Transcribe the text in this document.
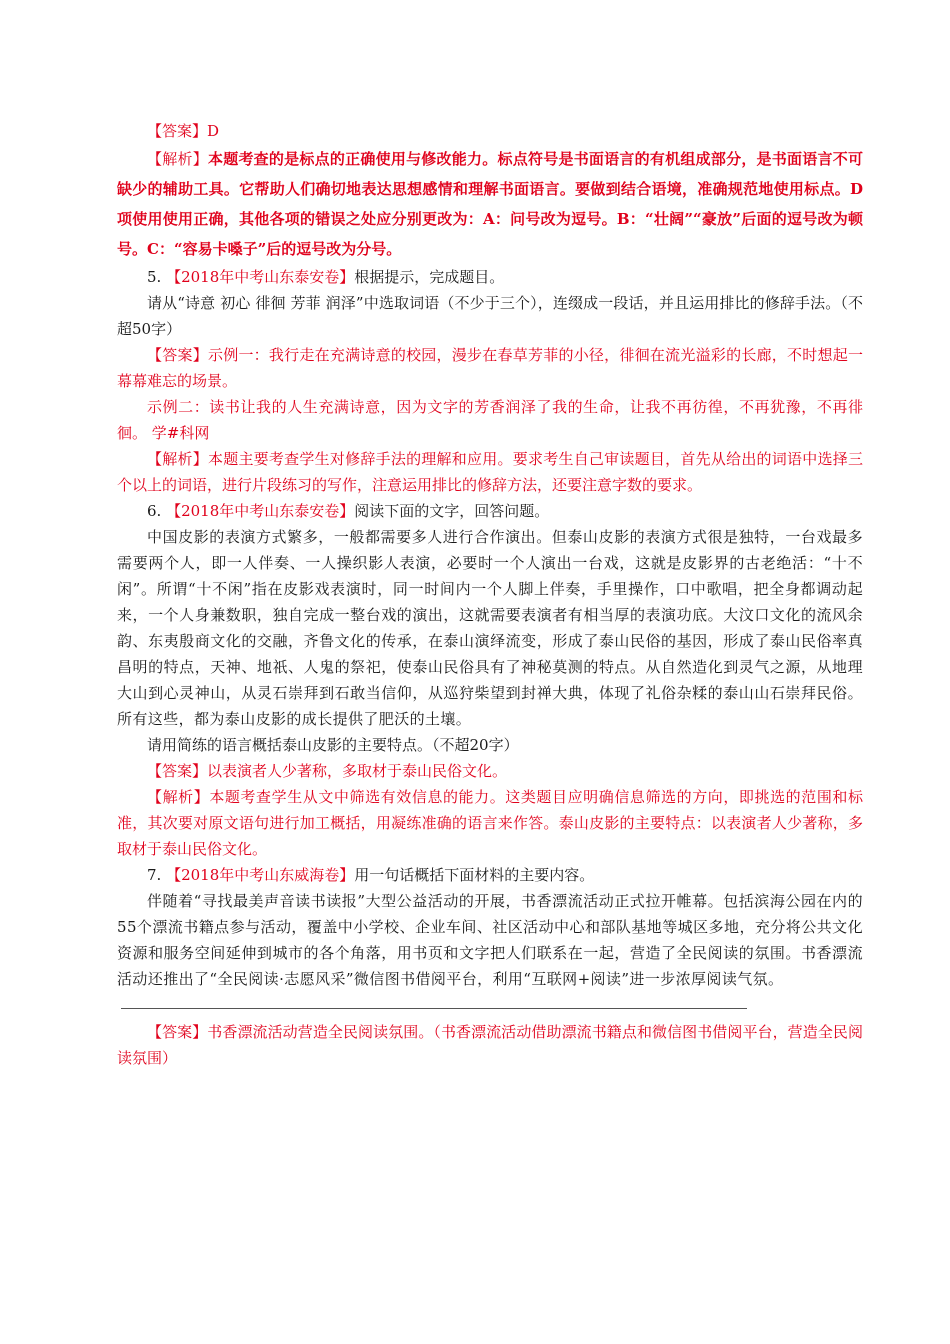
【答案】D

【解析】本题考查的是标点的正确使用与修改能力。标点符号是书面语言的有机组成部分，是书面语言不可缺少的辅助工具。它帮助人们确切地表达思想感情和理解书面语言。要做到结合语境，准确规范地使用标点。D项使用使用正确，其他各项的错误之处应分别更改为：A：问号改为逗号。B：“壮阔”“豪放”后面的逗号改为顿号。C：“容易卡嗓子”后的逗号改为分号。

5. 【2018年中考山东泰安卷】根据提示，完成题目。

请从“诗意 初心 徘徊 芳菲 润泽”中选取词语（不少于三个），连缀成一段话，并且运用排比的修辞手法。（不超50字）

【答案】示例一：我行走在充满诗意的校园，漫步在春草芳菲的小径，徘徊在流光溢彩的长廊，不时想起一幕幕难忘的场景。

示例二：读书让我的人生充满诗意，因为文字的芳香润泽了我的生命，让我不再彷徨，不再犹豫，不再徘徊。 学#科网

【解析】本题主要考查学生对修辞手法的理解和应用。要求考生自己审读题目，首先从给出的词语中选择三个以上的词语，进行片段练习的写作，注意运用排比的修辞方法，还要注意字数的要求。

6. 【2018年中考山东泰安卷】阅读下面的文字，回答问题。

中国皮影的表演方式繁多，一般都需要多人进行合作演出。但泰山皮影的表演方式很是独特，一台戏最多需要两个人，即一人伴奏、一人操织影人表演，必要时一个人演出一台戏，这就是皮影界的古老绝活：“十不闲”。所谓“十不闲”指在皮影戏表演时，同一时间内一个人脚上伴奏，手里操作，口中歌唱，把全身都调动起来，一个人身兼数职，独自完成一整台戏的演出，这就需要表演者有相当厚的表演功底。大汶口文化的流风余韵、东夷殷商文化的交融，齐鲁文化的传承，在泰山演绎流变，形成了泰山民俗的基因，形成了泰山民俗率真昌明的特点，天神、地祇、人鬼的祭祀，使泰山民俗具有了神秘莫测的特点。从自然造化到灵气之源，从地理大山到心灵神山，从灵石崇拜到石敢当信仰，从巡狩柴望到封禅大典，体现了礼俗杂糅的泰山山石崇拜民俗。所有这些，都为泰山皮影的成长提供了肥沃的土壤。

请用简练的语言概括泰山皮影的主要特点。（不超20字）

【答案】以表演者人少著称，多取材于泰山民俗文化。

【解析】本题考查学生从文中筛选有效信息的能力。这类题目应明确信息筛选的方向，即挑选的范围和标准，其次要对原文语句进行加工概括，用凝练准确的语言来作答。泰山皮影的主要特点：以表演者人少著称，多取材于泰山民俗文化。

7. 【2018年中考山东威海卷】用一句话概括下面材料的主要内容。

伴随着“寻找最美声音读书读报”大型公益活动的开展，书香漂流活动正式拉开帷幕。包括滨海公园在内的55个漂流书籍点参与活动，覆盖中小学校、企业车间、社区活动中心和部队基地等城区多地，充分将公共文化资源和服务空间延伸到城市的各个角落，用书页和文字把人们联系在一起，营造了全民阅读的氛围。书香漂流活动还推出了“全民阅读·志愿风采”微信图书借阅平台，利用“互联网+阅读”进一步浓厚阅读气氛。

【答案】书香漂流活动营造全民阅读氛围。（书香漂流活动借助漂流书籍点和微信图书借阅平台，营造全民阅读氛围）
